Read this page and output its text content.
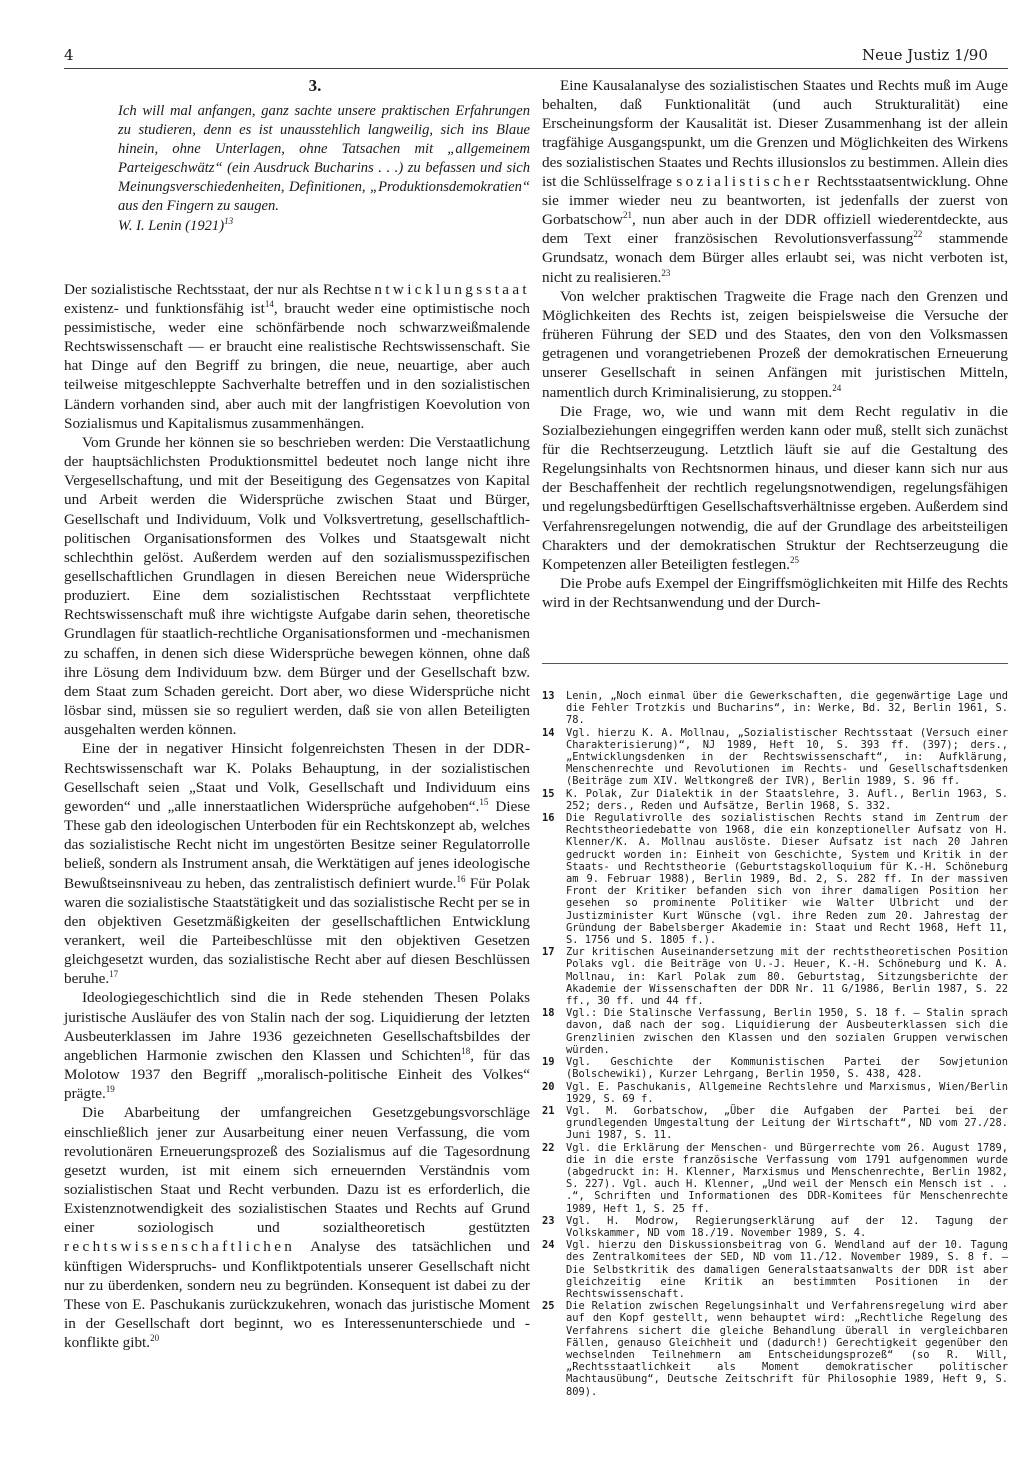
4	Neue Justiz 1/90
3.

Ich will mal anfangen, ganz sachte unsere praktischen Erfahrungen zu studieren, denn es ist unausstehlich langweilig, sich ins Blaue hinein, ohne Unterlagen, ohne Tatsachen mit „allgemeinem Parteigeschwätz“ (ein Ausdruck Bucharins . . .) zu befassen und sich Meinungsverschiedenheiten, Definitionen, „Produktionsdemokratien“ aus den Fingern zu saugen.

W. I. Lenin $(1921)^{13}$

Der sozialistische Rechtsstaat, der nur als Rechtsentwicklungsstaat existenz- und funktionsfähig ist$^{14}$, braucht weder eine optimistische noch pessimistische, weder eine schönfärbende noch schwarzweißmalende Rechtswissenschaft — er braucht eine realistische Rechtswissenschaft. Sie hat Dinge auf den Begriff zu bringen, die neue, neuartige, aber auch teilweise mitgeschleppte Sachverhalte betreffen und in den sozialistischen Ländern vorhanden sind, aber auch mit der langfristigen Koevolution von Sozialismus und Kapitalismus zusammenhängen.

Vom Grunde her können sie so beschrieben werden: Die Verstaatlichung der hauptsächlichsten Produktionsmittel bedeutet noch lange nicht ihre Vergesellschaftung, und mit der Beseitigung des Gegensatzes von Kapital und Arbeit werden die Widersprüche zwischen Staat und Bürger, Gesellschaft und Individuum, Volk und Volksvertretung, gesellschaftlich-politischen Organisationsformen des Volkes und Staatsgewalt nicht schlechthin gelöst. Außerdem werden auf den sozialismusspezifischen gesellschaftlichen Grundlagen in diesen Bereichen neue Widersprüche produziert. Eine dem sozialistischen Rechtsstaat verpflichtete Rechtswissenschaft muß ihre wichtigste Aufgabe darin sehen, theoretische Grundlagen für staatlich-rechtliche Organisationsformen und -mechanismen zu schaffen, in denen sich diese Widersprüche bewegen können, ohne daß ihre Lösung dem Individuum bzw. dem Bürger und der Gesellschaft bzw. dem Staat zum Schaden gereicht. Dort aber, wo diese Widersprüche nicht lösbar sind, müssen sie so reguliert werden, daß sie von allen Beteiligten ausgehalten werden können.

Eine der in negativer Hinsicht folgenreichsten Thesen in der DDR-Rechtswissenschaft war K. Polaks Behauptung, in der sozialistischen Gesellschaft seien „Staat und Volk, Gesellschaft und Individuum eins geworden“ und „alle innerstaatlichen Widersprüche aufgehoben“.$^{15}$ Diese These gab den ideologischen Unterboden für ein Rechtskonzept ab, welches das sozialistische Recht nicht im ungestörten Besitze seiner Regulatorrolle beließ, sondern als Instrument ansah, die Werktätigen auf jenes ideologische Bewußtseinsniveau zu heben, das zentralistisch definiert wurde.$^{16}$ Für Polak waren die sozialistische Staatstätigkeit und das sozialistische Recht per se in den objektiven Gesetzmäßigkeiten der gesellschaftlichen Entwicklung verankert, weil die Parteibeschlüsse mit den objektiven Gesetzen gleichgesetzt wurden, das sozialistische Recht aber auf diesen Beschlüssen beruhe.$^{17}$

Ideologiegeschichtlich sind die in Rede stehenden Thesen Polaks juristische Ausläufer des von Stalin nach der sog. Liquidierung der letzten Ausbeuterklassen im Jahre 1936 gezeichneten Gesellschaftsbildes der angeblichen Harmonie zwischen den Klassen und Schichten$^{18}$, für das Molotow 1937 den Begriff „moralisch-politische Einheit des Volkes“ prägte.$^{19}$

Die Abarbeitung der umfangreichen Gesetzgebungsvorschläge einschließlich jener zur Ausarbeitung einer neuen Verfassung, die vom revolutionären Erneuerungsprozeß des Sozialismus auf die Tagesordnung gesetzt wurden, ist mit einem sich erneuernden Verständnis vom sozialistischen Staat und Recht verbunden. Dazu ist es erforderlich, die Existenznotwendigkeit des sozialistischen Staates und Rechts auf Grund einer soziologisch und sozialtheoretisch gestützten rechtswissenschaftlichen Analyse des tatsächlichen und künftigen Widerspruchs- und Konfliktpotentials unserer Gesellschaft nicht nur zu überdenken, sondern neu zu begründen. Konsequent ist dabei zu der These von E. Paschukanis zurückzukehren, wonach das juristische Moment in der Gesellschaft dort beginnt, wo es Interessenunterschiede und -konflikte gibt.$^{20}$

Eine Kausalanalyse des sozialistischen Staates und Rechts muß im Auge behalten, daß Funktionalität (und auch Strukturalität) eine Erscheinungsform der Kausalität ist. Dieser Zusammenhang ist der allein tragfähige Ausgangspunkt, um die Grenzen und Möglichkeiten des Wirkens des sozialistischen Staates und Rechts illusionslos zu bestimmen. Allein dies ist die Schlüsselfrage sozialistischer Rechtsstaatsentwicklung. Ohne sie immer wieder neu zu beantworten, ist jedenfalls der zuerst von Gorbatschow$^{21}$, nun aber auch in der DDR offiziell wiederentdeckte, aus dem Text einer französischen Revolutionsverfassung$^{22}$ stammende Grundsatz, wonach dem Bürger alles erlaubt sei, was nicht verboten ist, nicht zu realisieren.$^{23}$

Von welcher praktischen Tragweite die Frage nach den Grenzen und Möglichkeiten des Rechts ist, zeigen beispielsweise die Versuche der früheren Führung der SED und des Staates, den von den Volksmassen getragenen und vorangetriebenen Prozeß der demokratischen Erneuerung unserer Gesellschaft in seinen Anfängen mit juristischen Mitteln, namentlich durch Kriminalisierung, zu stoppen.$^{24}$

Die Frage, wo, wie und wann mit dem Recht regulativ in die Sozialbeziehungen eingegriffen werden kann oder muß, stellt sich zunächst für die Rechtserzeugung. Letztlich läuft sie auf die Gestaltung des Regelungsinhalts von Rechtsnormen hinaus, und dieser kann sich nur aus der Beschaffenheit der rechtlich regelungsnotwendigen, regelungsfähigen und regelungsbedürftigen Gesellschaftsverhältnisse ergeben. Außerdem sind Verfahrensregelungen notwendig, die auf der Grundlage des arbeitsteiligen Charakters und der demokratischen Struktur der Rechtserzeugung die Kompetenzen aller Beteiligten festlegen.$^{25}$

Die Probe aufs Exempel der Eingriffsmöglichkeiten mit Hilfe des Rechts wird in der Rechtsanwendung und der Durch-

13	Lenin, „Noch einmal über die Gewerkschaften, die gegenwärtige Lage und die Fehler Trotzkis und Bucharins“, in: Werke, Bd. 32, Berlin 1961, S. 78.
14	Vgl. hierzu K. A. Mollnau, „Sozialistischer Rechtsstaat (Versuch einer Charakterisierung)“, NJ 1989, Heft 10, S. 393 ff. (397); ders., „Entwicklungsdenken in der Rechtswissenschaft“, in: Aufklärung, Menschenrechte und Revolutionen im Rechts- und Gesellschaftsdenken (Beiträge zum XIV. Weltkongreß der IVR), Berlin 1989, S. 96 ff.
15	K. Polak, Zur Dialektik in der Staatslehre, 3. Aufl., Berlin 1963, S. 252; ders., Reden und Aufsätze, Berlin 1968, S. 332.
16	Die Regulativrolle des sozialistischen Rechts stand im Zentrum der Rechtstheoriedebatte von 1968, die ein konzeptioneller Aufsatz von H. Klenner/K. A. Mollnau auslöste. Dieser Aufsatz ist nach 20 Jahren gedruckt worden in: Einheit von Geschichte, System und Kritik in der Staats- und Rechtstheorie (Geburtstagskolloquium für K.-H. Schöneburg am 9. Februar 1988), Berlin 1989, Bd. 2, S. 282 ff. In der massiven Front der Kritiker befanden sich von ihrer damaligen Position her gesehen so prominente Politiker wie Walter Ulbricht und der Justizminister Kurt Wünsche (vgl. ihre Reden zum 20. Jahrestag der Gründung der Babelsberger Akademie in: Staat und Recht 1968, Heft 11, S. 1756 und S. 1805 f.).
17	Zur kritischen Auseinandersetzung mit der rechtstheoretischen Position Polaks vgl. die Beiträge von U.-J. Heuer, K.-H. Schöneburg und K. A. Mollnau, in: Karl Polak zum 80. Geburtstag, Sitzungsberichte der Akademie der Wissenschaften der DDR Nr. 11 G/1986, Berlin 1987, S. 22 ff., 30 ff. und 44 ff.
18	Vgl.: Die Stalinsche Verfassung, Berlin 1950, S. 18 f. — Stalin sprach davon, daß nach der sog. Liquidierung der Ausbeuterklassen sich die Grenzlinien zwischen den Klassen und den sozialen Gruppen verwischen würden.
19	Vgl. Geschichte der Kommunistischen Partei der Sowjetunion (Bolschewiki), Kurzer Lehrgang, Berlin 1950, S. 438, 428.
20	Vgl. E. Paschukanis, Allgemeine Rechtslehre und Marxismus, Wien/Berlin 1929, S. 69 f.
21	Vgl. M. Gorbatschow, „Über die Aufgaben der Partei bei der grundlegenden Umgestaltung der Leitung der Wirtschaft“, ND vom 27./28. Juni 1987, S. 11.
22	Vgl. die Erklärung der Menschen- und Bürgerrechte vom 26. August 1789, die in die erste französische Verfassung vom 1791 aufgenommen wurde (abgedruckt in: H. Klenner, Marxismus und Menschenrechte, Berlin 1982, S. 227). Vgl. auch H. Klenner, „Und weil der Mensch ein Mensch ist . . .“, Schriften und Informationen des DDR-Komitees für Menschenrechte 1989, Heft 1, S. 25 ff.
23	Vgl. H. Modrow, Regierungserklärung auf der 12. Tagung der Volkskammer, ND vom 18./19. November 1989, S. 4.
24	Vgl. hierzu den Diskussionsbeitrag von G. Wendland auf der 10. Tagung des Zentralkomitees der SED, ND vom 11./12. November 1989, S. 8 f. — Die Selbstkritik des damaligen Generalstaatsanwalts der DDR ist aber gleichzeitig eine Kritik an bestimmten Positionen in der Rechtswissenschaft.
25	Die Relation zwischen Regelungsinhalt und Verfahrensregelung wird aber auf den Kopf gestellt, wenn behauptet wird: „Rechtliche Regelung des Verfahrens sichert die gleiche Behandlung überall in vergleichbaren Fällen, genauso Gleichheit und (dadurch!) Gerechtigkeit gegenüber den wechselnden Teilnehmern am Entscheidungsprozeß“ (so R. Will, „Rechtsstaatlichkeit als Moment demokratischer politischer Machtausübung“, Deutsche Zeitschrift für Philosophie 1989, Heft 9, S. 809).
